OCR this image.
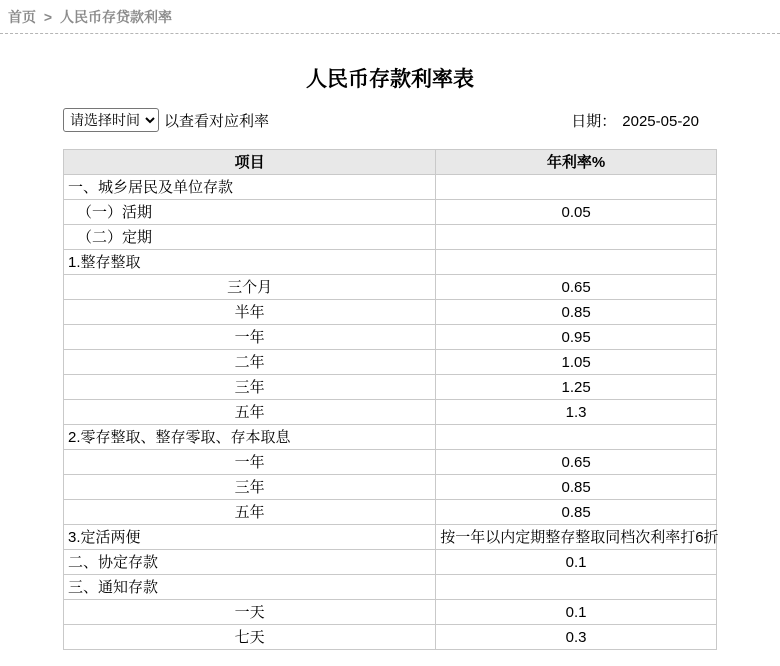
首页 > 人民币存贷款利率
人民币存款利率表
请选择时间
以查看对应利率	日期： 2025-05-20
项目	年利率%
一、城乡居民及单位存款	
（一）活期	0.05
（二）定期	
1.整存整取	
三个月	0.65
半年	0.85
一年	0.95
二年	1.05
三年	1.25
五年	1.3
2.零存整取、整存零取、存本取息	
一年	0.65
三年	0.85
五年	0.85
3.定活两便	按一年以内定期整存整取同档次利率打6折
二、协定存款	0.1
三、通知存款	
一天	0.1
七天	0.3
